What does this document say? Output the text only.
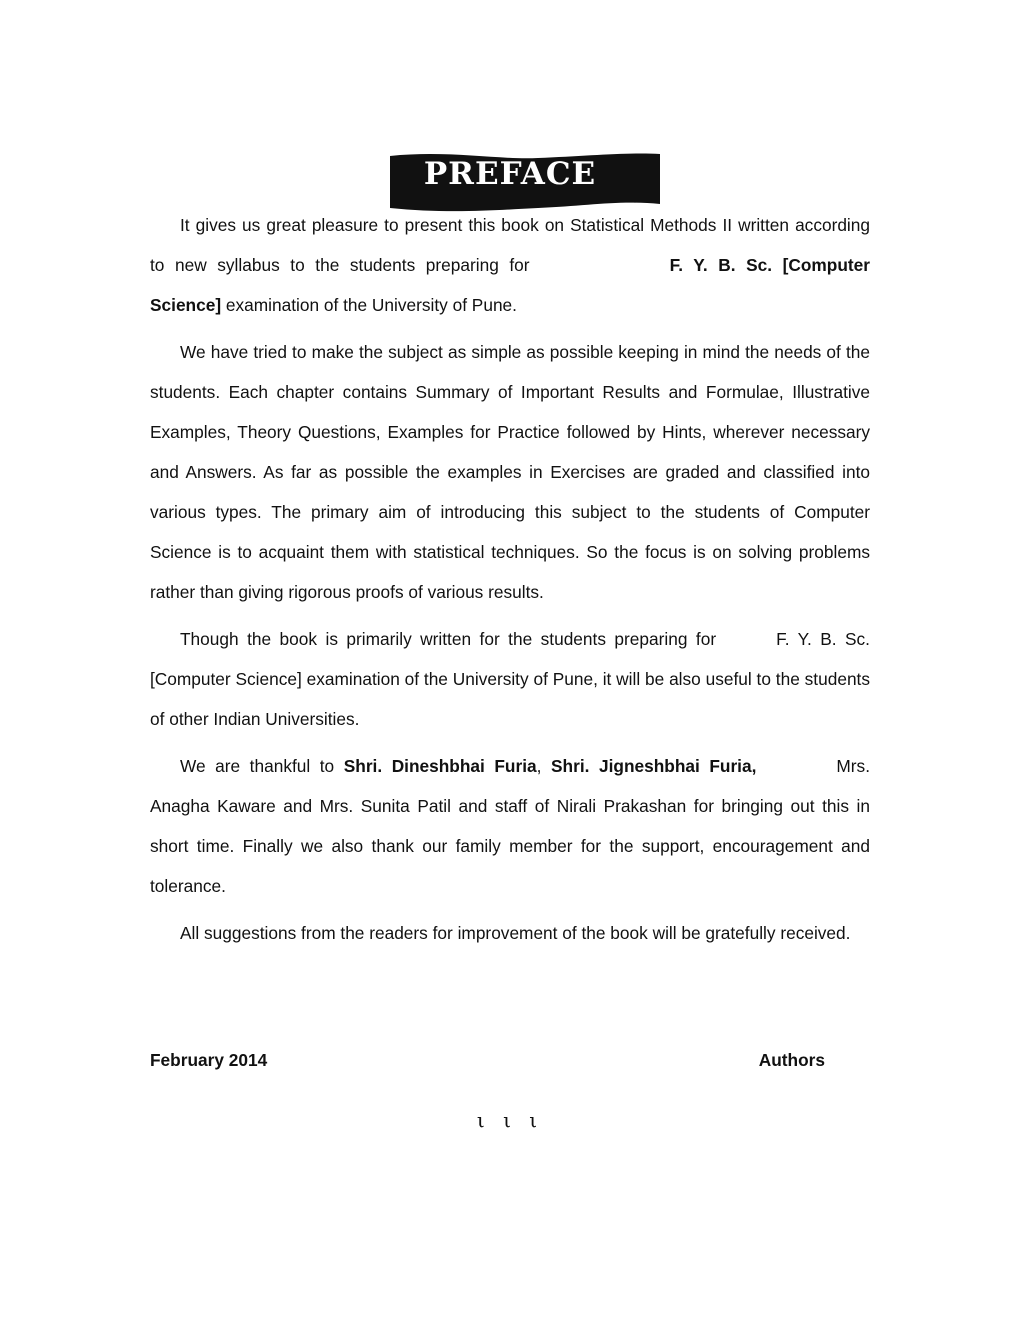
PREFACE

It gives us great pleasure to present this book on Statistical Methods II written according to new syllabus to the students preparing for	F. Y. B. Sc. [Computer Science] examination of the University of Pune.

We have tried to make the subject as simple as possible keeping in mind the needs of the students. Each chapter contains Summary of Important Results and Formulae, Illustrative Examples, Theory Questions, Examples for Practice followed by Hints, wherever necessary and Answers. As far as possible the examples in Exercises are graded and classified into various types. The primary aim of introducing this subject to the students of Computer Science is to acquaint them with statistical techniques. So the focus is on solving problems rather than giving rigorous proofs of various results.

Though the book is primarily written for the students preparing for	F. Y. B. Sc. [Computer Science] examination of the University of Pune, it will be also useful to the students of other Indian Universities.

We are thankful to Shri. Dineshbhai Furia, Shri. Jigneshbhai Furia,	Mrs. Anagha Kaware and Mrs. Sunita Patil and staff of Nirali Prakashan for bringing out this in short time. Finally we also thank our family member for the support, encouragement and tolerance.

All suggestions from the readers for improvement of the book will be gratefully received.

February 2014	Authors
ι ι ι
